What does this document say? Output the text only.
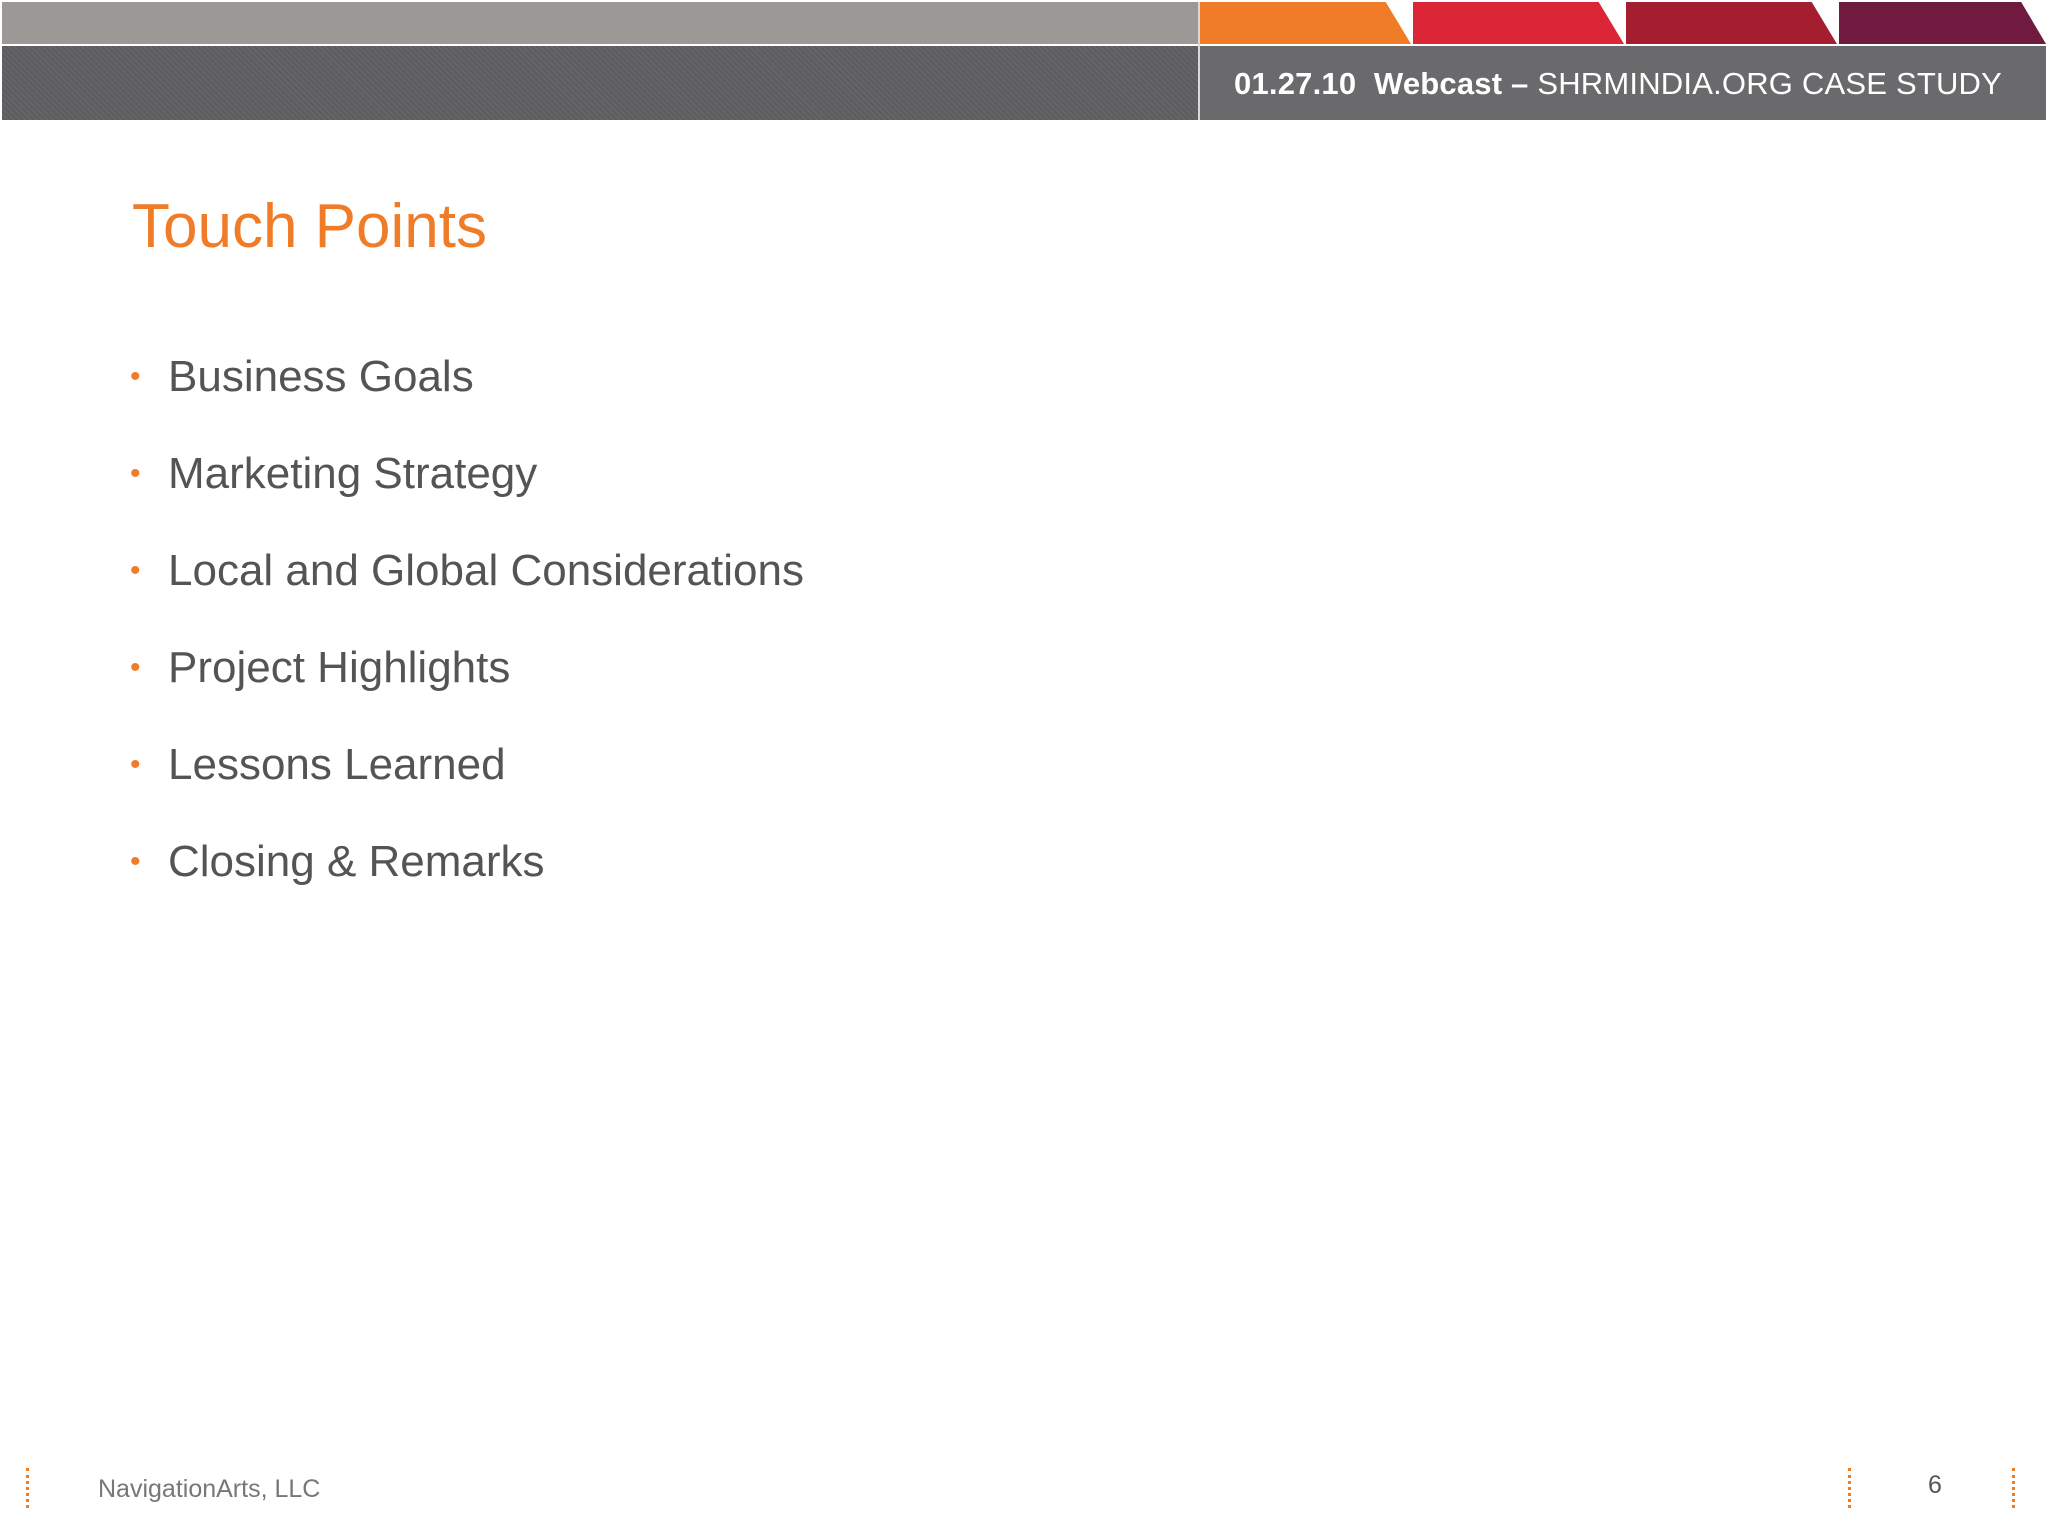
01.27.10 Webcast – SHRMINDIA.ORG CASE STUDY
Touch Points
• Business Goals
• Marketing Strategy
• Local and Global Considerations
• Project Highlights
• Lessons Learned
• Closing & Remarks
NavigationArts, LLC	6
